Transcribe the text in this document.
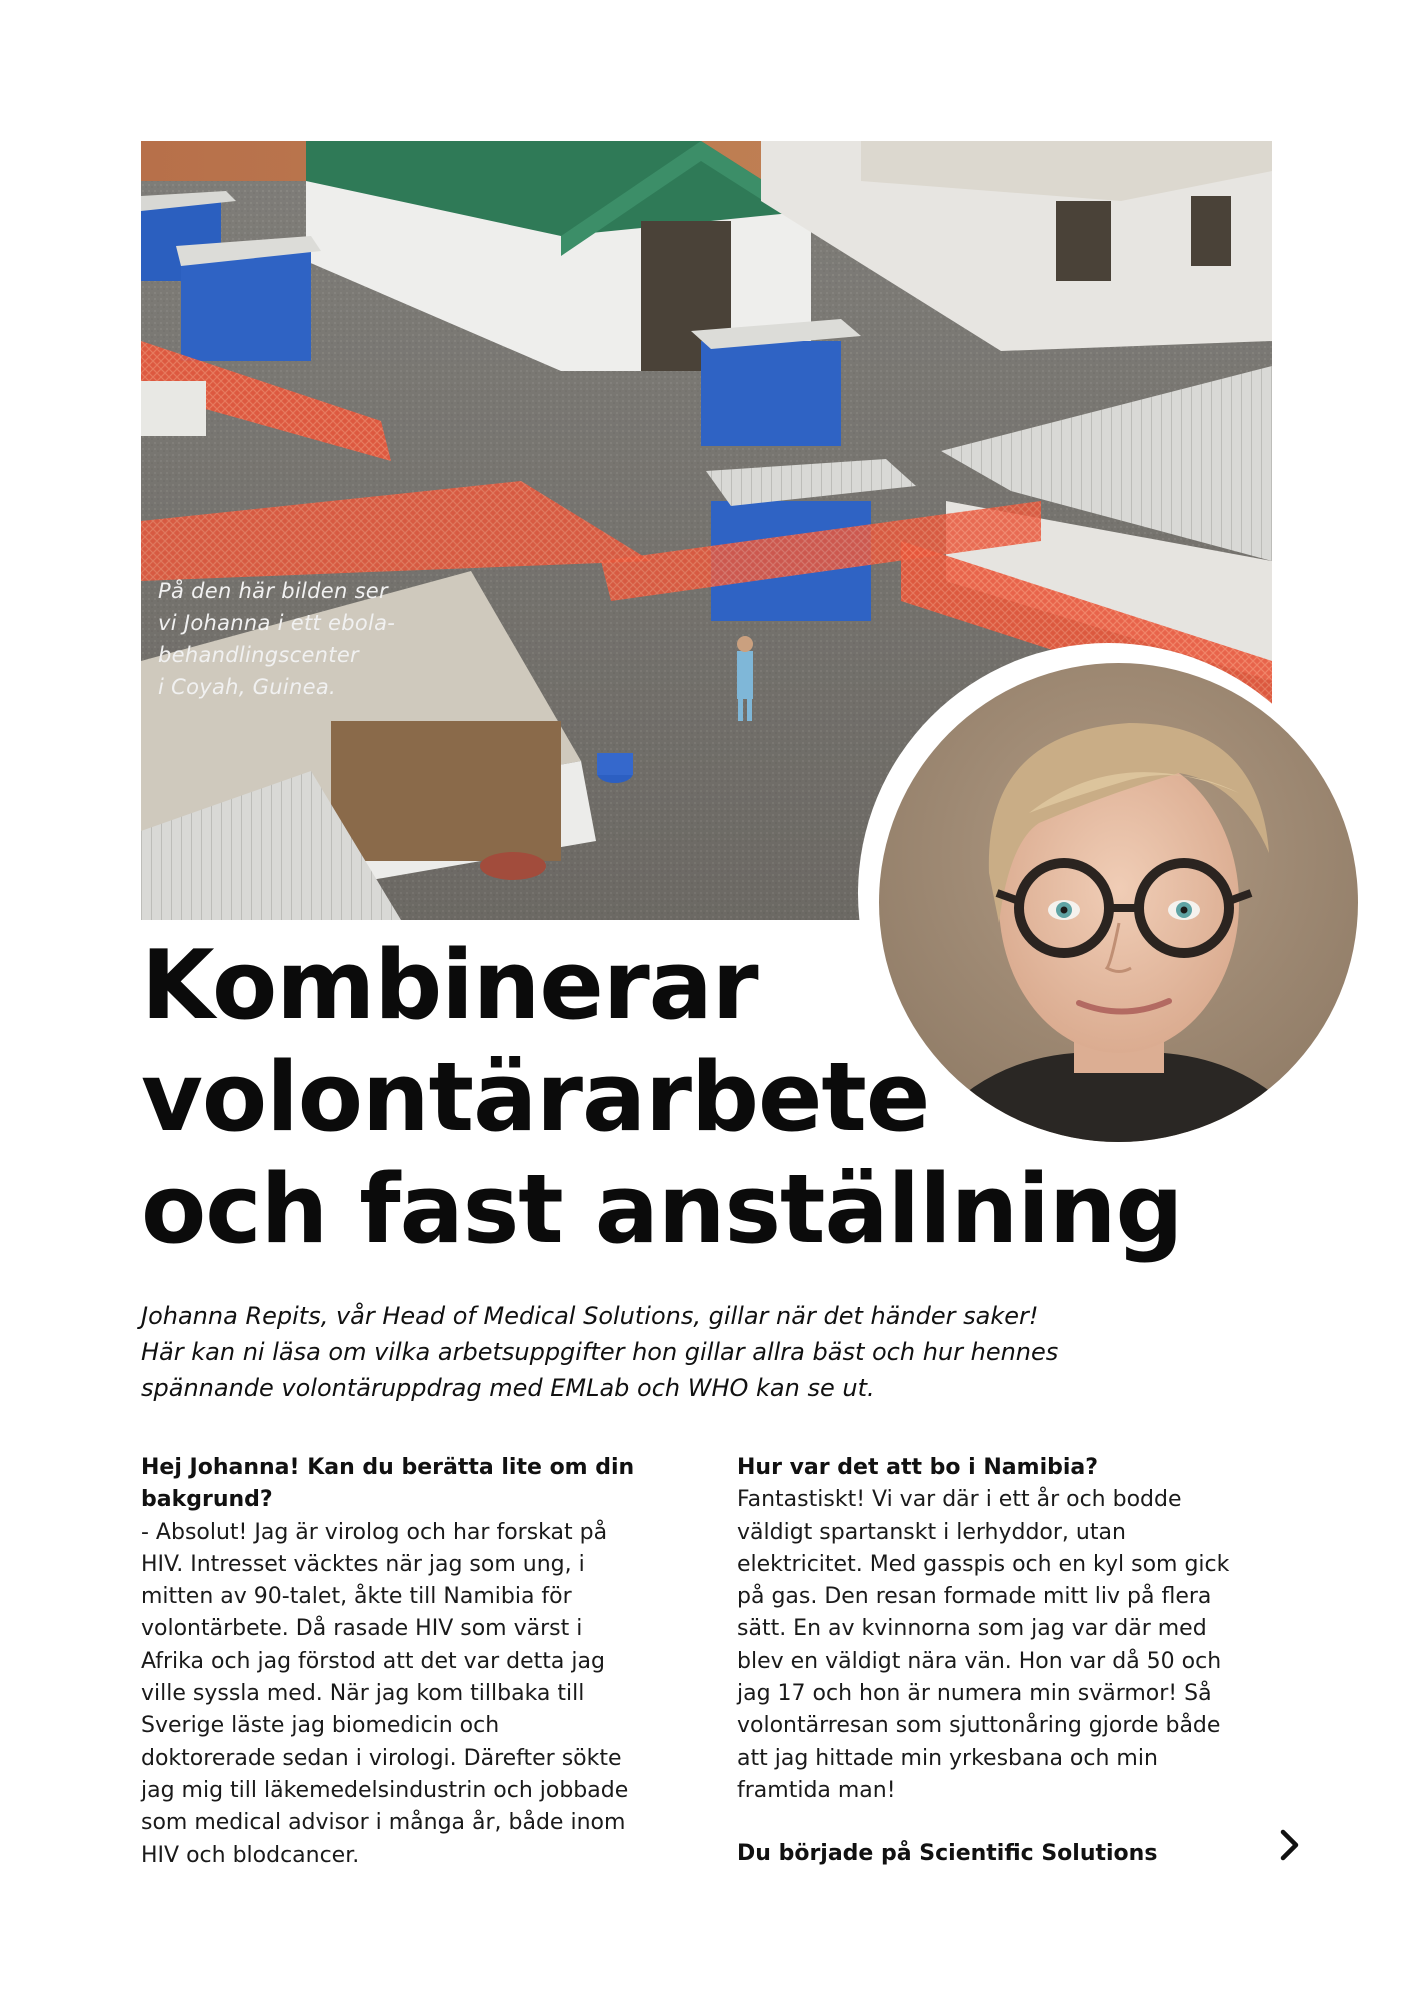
På den här bilden ser
vi Johanna i ett ebola-
behandlingscenter
i Coyah, Guinea.
Kombinerar
volontärarbete
och fast anställning
Johanna Repits, vår Head of Medical Solutions, gillar när det händer saker!
Här kan ni läsa om vilka arbetsuppgifter hon gillar allra bäst och hur hennes
spännande volontäruppdrag med EMLab och WHO kan se ut.
Hej Johanna! Kan du berätta lite om din
bakgrund?
- Absolut! Jag är virolog och har forskat på
HIV. Intresset väcktes när jag som ung, i
mitten av 90-talet, åkte till Namibia för
volontärbete. Då rasade HIV som värst i
Afrika och jag förstod att det var detta jag
ville syssla med. När jag kom tillbaka till
Sverige läste jag biomedicin och
doktorerade sedan i virologi. Därefter sökte
jag mig till läkemedelsindustrin och jobbade
som medical advisor i många år, både inom
HIV och blodcancer.
Hur var det att bo i Namibia?
Fantastiskt! Vi var där i ett år och bodde
väldigt spartanskt i lerhyddor, utan
elektricitet. Med gasspis och en kyl som gick
på gas. Den resan formade mitt liv på flera
sätt. En av kvinnorna som jag var där med
blev en väldigt nära vän. Hon var då 50 och
jag 17 och hon är numera min svärmor! Så
volontärresan som sjuttonåring gjorde både
att jag hittade min yrkesbana och min
framtida man!
Du började på Scientific Solutions
